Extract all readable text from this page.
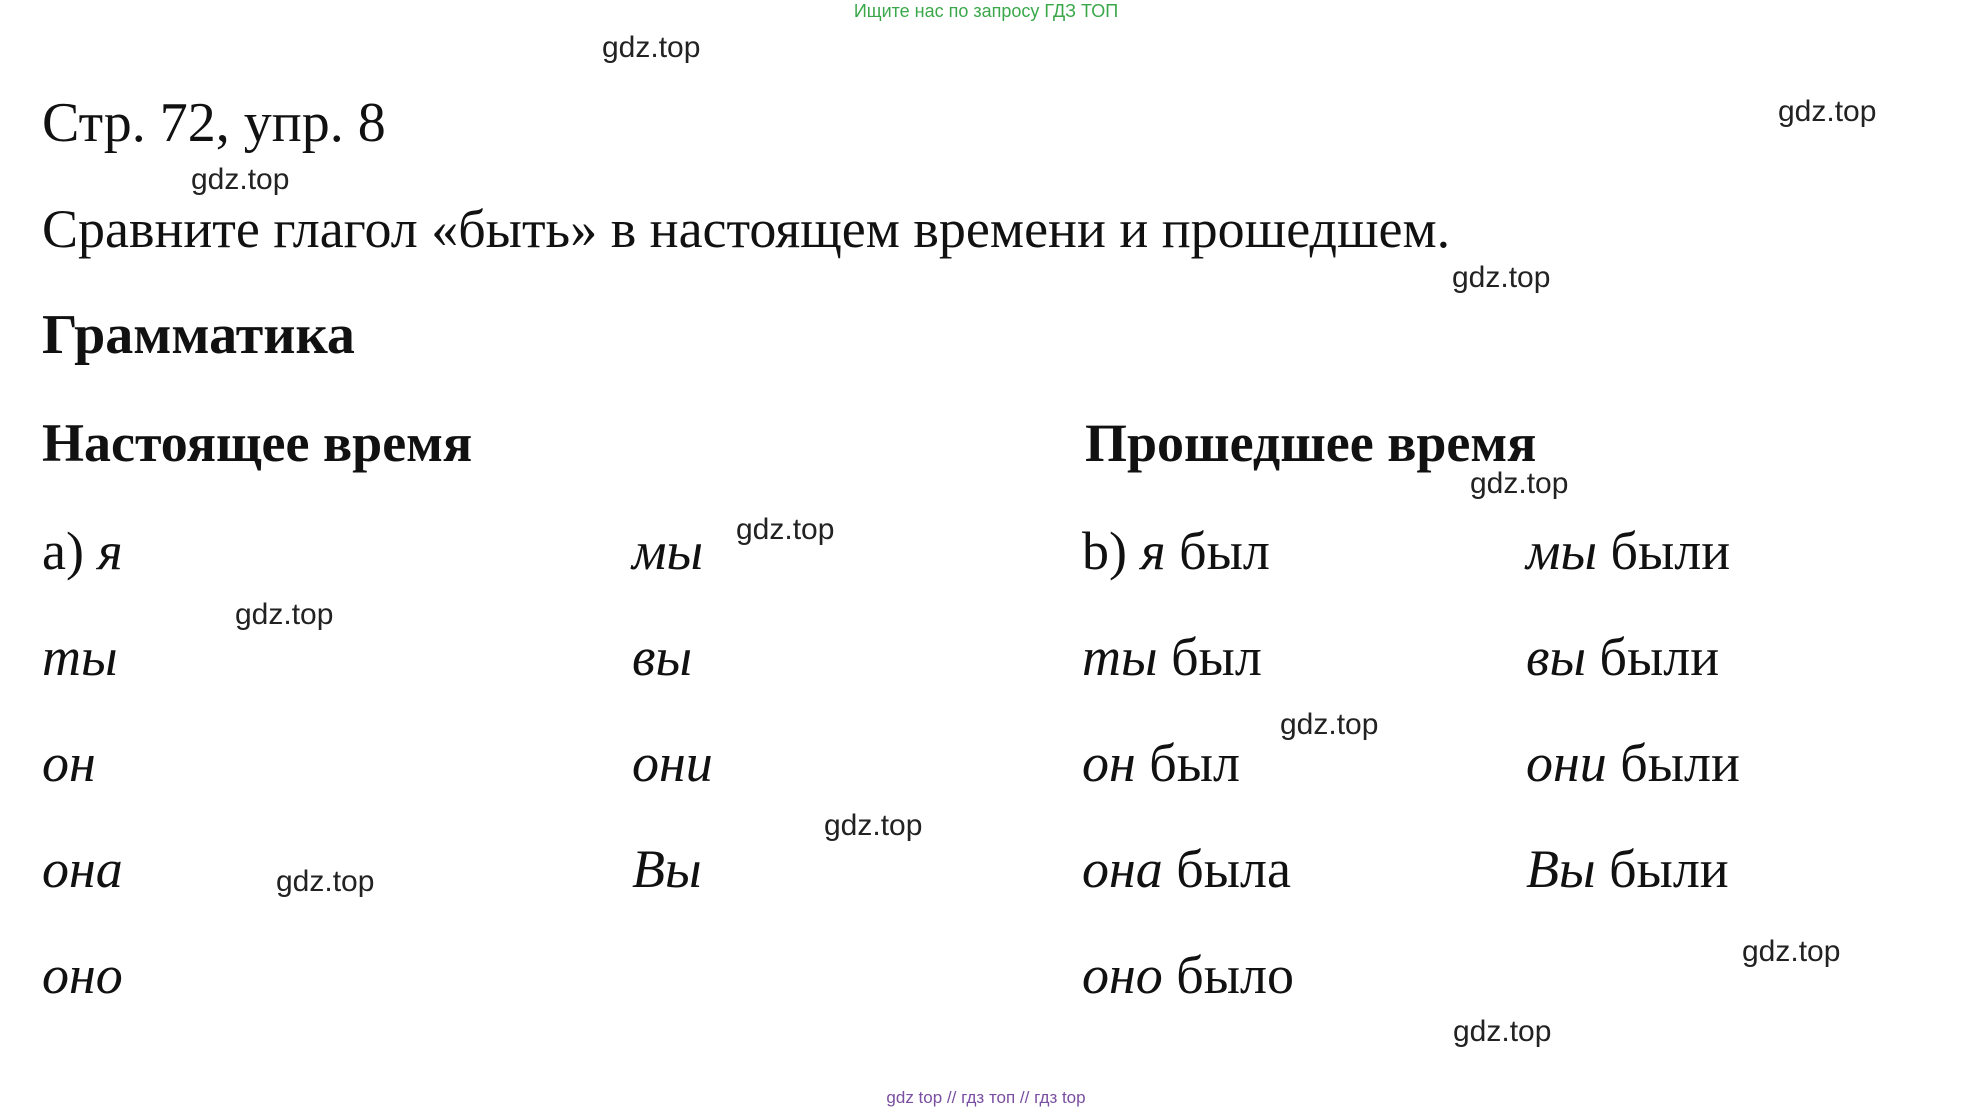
Ищите нас по запросу ГДЗ ТОП
Стр. 72, упр. 8
Сравните глагол «быть» в настоящем времени и прошедшем.
Грамматика
Настоящее время	Прошедшее время
a) я
ты
он
она
оно
мы
вы
они
Вы
b) я был
ты был
он был
она была
оно было
мы были
вы были
они были
Вы были
gdz.top
gdz.top
gdz.top
gdz.top
gdz.top
gdz.top
gdz.top
gdz.top
gdz.top
gdz.top
gdz.top
gdz.top
gdz top // гдз топ // гдз top
